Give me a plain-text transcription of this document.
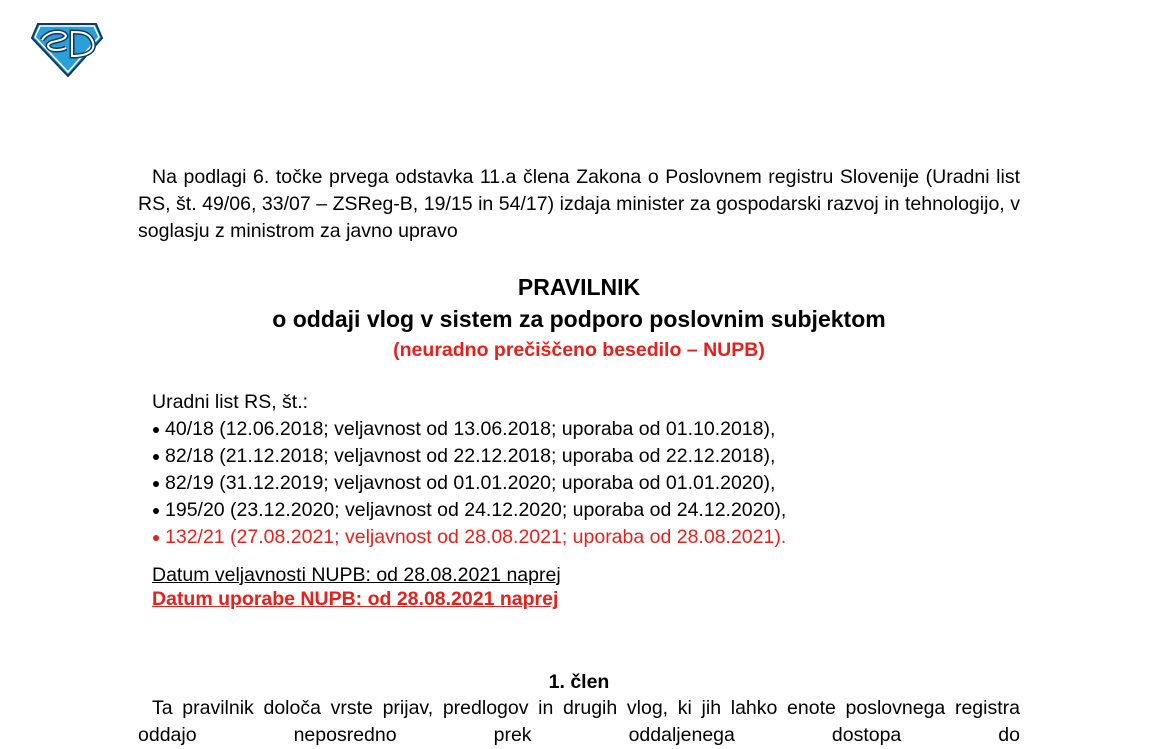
Na podlagi 6. točke prvega odstavka 11.a člena Zakona o Poslovnem registru Slovenije (Uradni list RS, št. 49/06, 33/07 – ZSReg-B, 19/15 in 54/17) izdaja minister za gospodarski razvoj in tehnologijo, v soglasju z ministrom za javno upravo
PRAVILNIK
o oddaji vlog v sistem za podporo poslovnim subjektom
(neuradno prečiščeno besedilo – NUPB)
Uradni list RS, št.:
40/18 (12.06.2018; veljavnost od 13.06.2018; uporaba od 01.10.2018),
82/18 (21.12.2018; veljavnost od 22.12.2018; uporaba od 22.12.2018),
82/19 (31.12.2019; veljavnost od 01.01.2020; uporaba od 01.01.2020),
195/20 (23.12.2020; veljavnost od 24.12.2020; uporaba od 24.12.2020),
132/21 (27.08.2021; veljavnost od 28.08.2021; uporaba od 28.08.2021).
Datum veljavnosti NUPB: od 28.08.2021 naprej
Datum uporabe NUPB: od 28.08.2021 naprej
1. člen
Ta pravilnik določa vrste prijav, predlogov in drugih vlog, ki jih lahko enote poslovnega registra oddajo neposredno prek oddaljenega dostopa do
